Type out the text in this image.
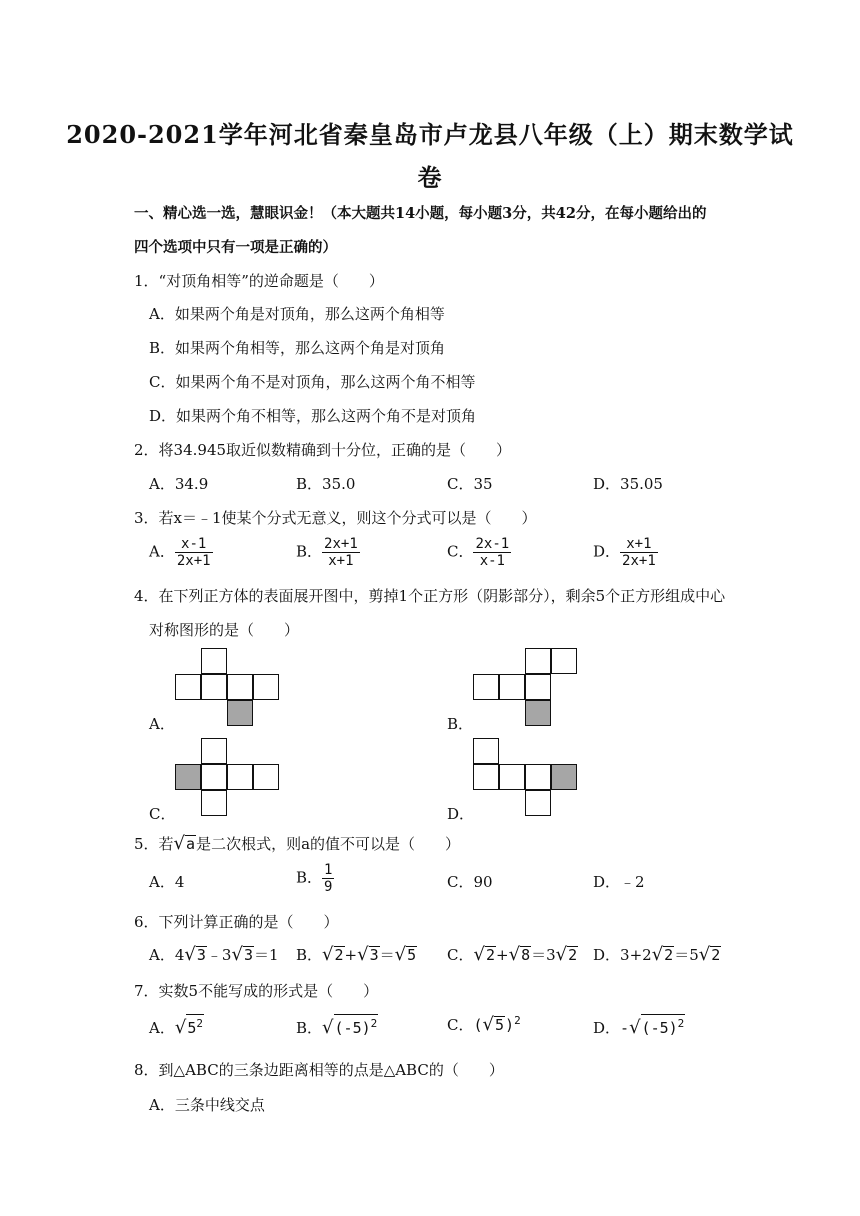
2020-2021学年河北省秦皇岛市卢龙县八年级（上）期末数学试
卷
一、精心选一选，慧眼识金！（本大题共14小题，每小题3分，共42分，在每小题给出的
四个选项中只有一项是正确的）
1．“对顶角相等”的逆命题是（　　）
A．如果两个角是对顶角，那么这两个角相等
B．如果两个角相等，那么这两个角是对顶角
C．如果两个角不是对顶角，那么这两个角不相等
D．如果两个角不相等，那么这两个角不是对顶角
2．将34.945取近似数精确到十分位，正确的是（　　）
A．34.9	B．35.0	C．35	D．35.05
3．若x＝﹣1使某个分式无意义，则这个分式可以是（　　）
A． $\frac{x-1}{2x+1}$	B． $\frac{2x+1}{x+1}$	C． $\frac{2x-1}{x-1}$	D． $\frac{x+1}{2x+1}$
4．在下列正方体的表面展开图中，剪掉1个正方形（阴影部分），剩余5个正方形组成中心
对称图形的是（　　）
A．	B．
C．	D．
5．若√a是二次根式，则a的值不可以是（　　）
A．4	B． $\frac{1}{9}$	C．90	D．﹣2
6．下列计算正确的是（　　）
A．4√3﹣3√3＝1 B．√2+√3＝√5 C．√2+√8＝3√2 D．3+2√2＝5√2
7．实数5不能写成的形式是（　　）
A．$√5^2$	B．$√(-5)^2$	C．$(√5)^2$	D．$-√(-5)^2$
8．到△ABC的三条边距离相等的点是△ABC的（　　）
A．三条中线交点
